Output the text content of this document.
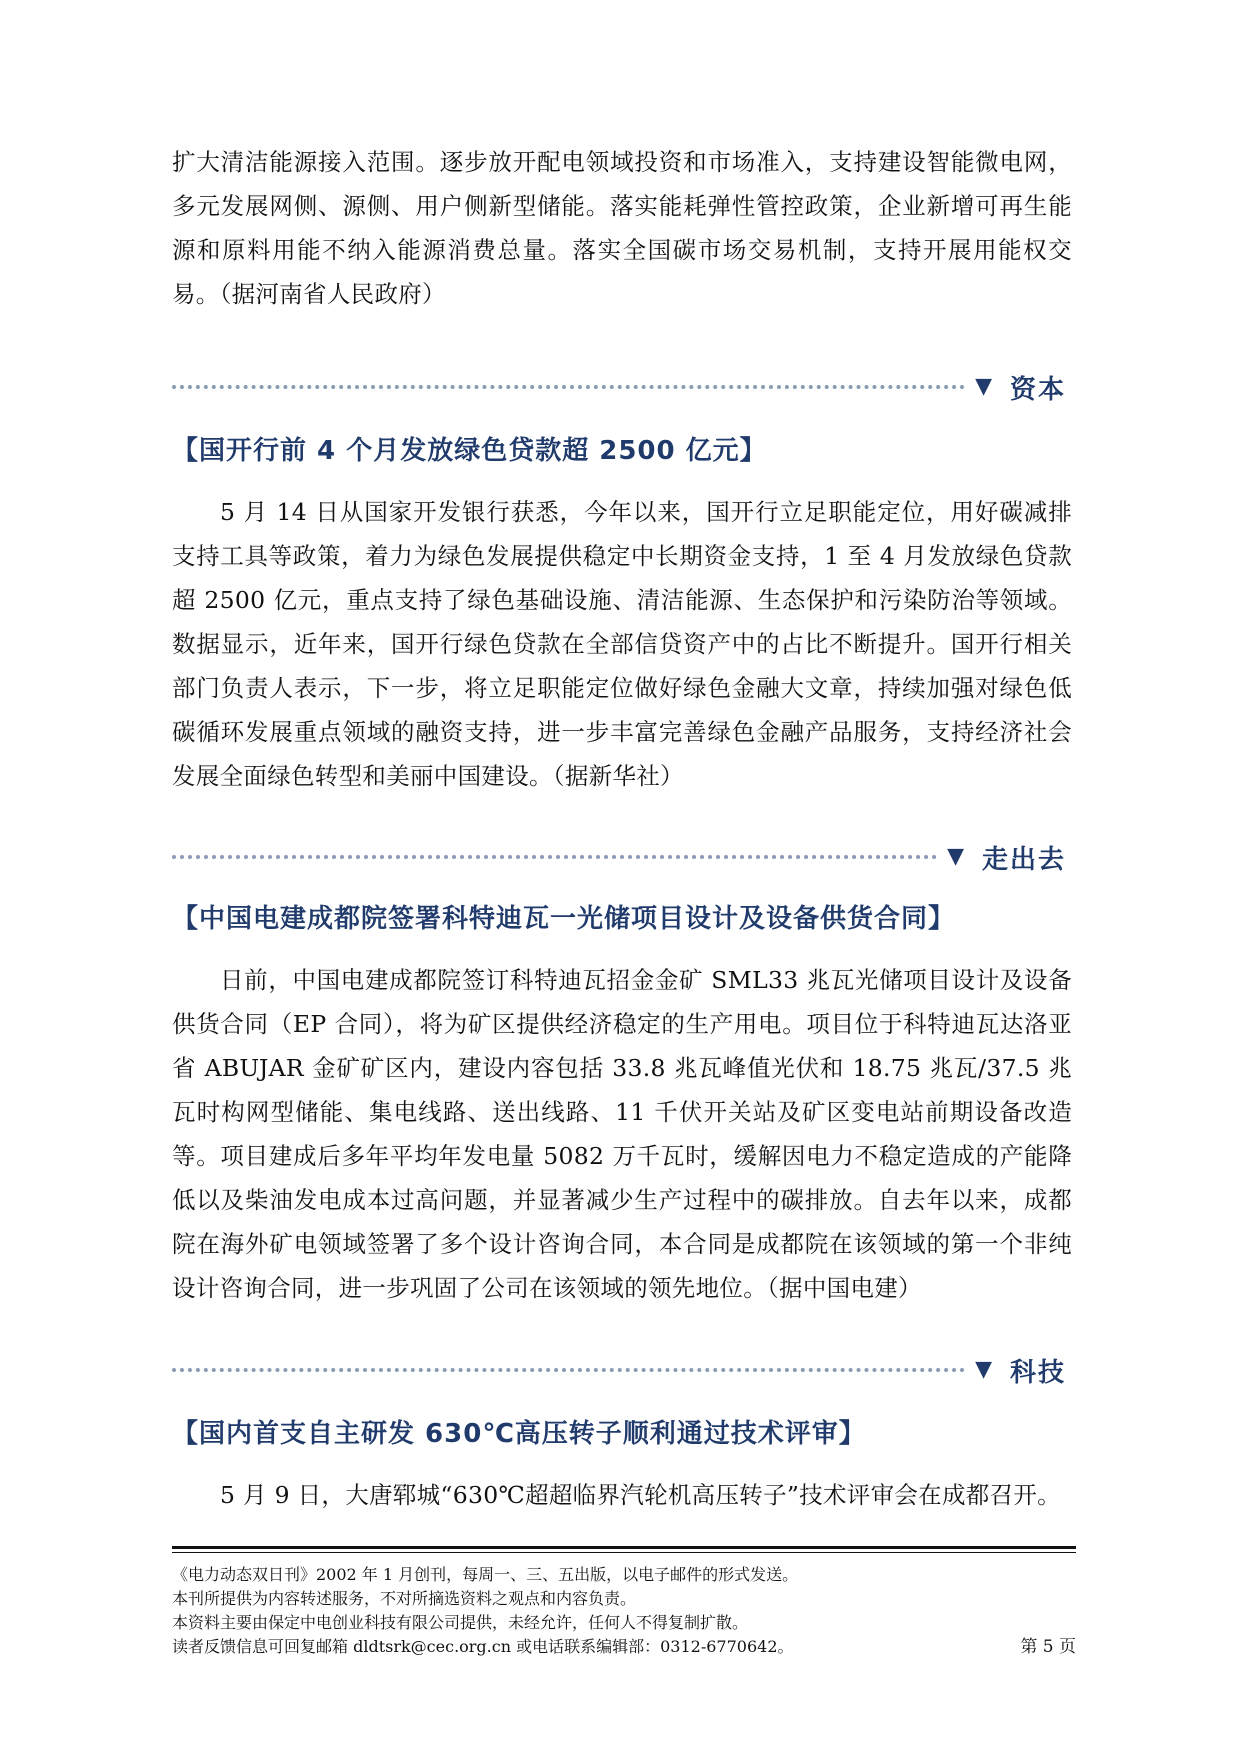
扩大清洁能源接入范围。逐步放开配电领域投资和市场准入，支持建设智能微电网，多元发展网侧、源侧、用户侧新型储能。落实能耗弹性管控政策，企业新增可再生能源和原料用能不纳入能源消费总量。落实全国碳市场交易机制，支持开展用能权交易。（据河南省人民政府）
▼ 资本
【国开行前 4 个月发放绿色贷款超 2500 亿元】
5 月 14 日从国家开发银行获悉，今年以来，国开行立足职能定位，用好碳减排支持工具等政策，着力为绿色发展提供稳定中长期资金支持，1 至 4 月发放绿色贷款超 2500 亿元，重点支持了绿色基础设施、清洁能源、生态保护和污染防治等领域。数据显示，近年来，国开行绿色贷款在全部信贷资产中的占比不断提升。国开行相关部门负责人表示，下一步，将立足职能定位做好绿色金融大文章，持续加强对绿色低碳循环发展重点领域的融资支持，进一步丰富完善绿色金融产品服务，支持经济社会发展全面绿色转型和美丽中国建设。（据新华社）
▼ 走出去
【中国电建成都院签署科特迪瓦一光储项目设计及设备供货合同】
日前，中国电建成都院签订科特迪瓦招金金矿 SML33 兆瓦光储项目设计及设备供货合同（EP 合同），将为矿区提供经济稳定的生产用电。项目位于科特迪瓦达洛亚省 ABUJAR 金矿矿区内，建设内容包括 33.8 兆瓦峰值光伏和 18.75 兆瓦/37.5 兆瓦时构网型储能、集电线路、送出线路、11 千伏开关站及矿区变电站前期设备改造等。项目建成后多年平均年发电量 5082 万千瓦时，缓解因电力不稳定造成的产能降低以及柴油发电成本过高问题，并显著减少生产过程中的碳排放。自去年以来，成都院在海外矿电领域签署了多个设计咨询合同，本合同是成都院在该领域的第一个非纯设计咨询合同，进一步巩固了公司在该领域的领先地位。（据中国电建）
▼ 科技
【国内首支自主研发 630℃高压转子顺利通过技术评审】
5 月 9 日，大唐郓城“630℃超超临界汽轮机高压转子”技术评审会在成都召开。
《电力动态双日刊》2002 年 1 月创刊，每周一、三、五出版，以电子邮件的形式发送。
本刊所提供为内容转述服务，不对所摘选资料之观点和内容负责。
本资料主要由保定中电创业科技有限公司提供，未经允许，任何人不得复制扩散。
读者反馈信息可回复邮箱 dldtsrk@cec.org.cn 或电话联系编辑部：0312-6770642。	第 5 页
